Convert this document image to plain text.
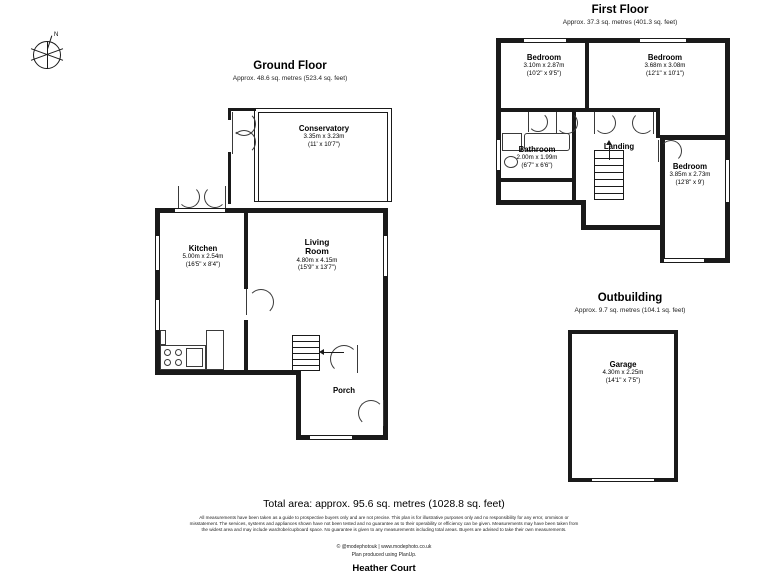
N
Ground Floor
Approx. 48.6 sq. metres (523.4 sq. feet)
Conservatory
3.35m x 3.23m
(11' x 10'7")
Kitchen
5.00m x 2.54m
(16'5" x 8'4")
Living
Room
4.80m x 4.15m
(15'9" x 13'7")
Porch
First Floor
Approx. 37.3 sq. metres (401.3 sq. feet)
Bedroom
3.10m x 2.87m
(10'2" x 9'5")
Bedroom
3.68m x 3.08m
(12'1" x 10'1")
Bedroom
3.85m x 2.73m
(12'8" x 9')
Bathroom
2.00m x 1.99m
(6'7" x 6'6")
Landing
Outbuilding
Approx. 9.7 sq. metres (104.1 sq. feet)
Garage
4.30m x 2.25m
(14'1" x 7'5")
Total area: approx. 95.6 sq. metres (1028.8 sq. feet)
All measurements have been taken as a guide to prospective buyers only and are not precise. This plan is for illustrative purposes only and no responsibility for any error, ommison or
misstatement. The services, systems and appliances shown have not been tested and no guarantee as to their operability or efficiency can be given. Measurements may have been taken from
the widest area and may include wardrobe/cupboard space. No guarantee is given to any measurements including total areas. Buyers are advised to take their own measurements.
© @modephotouk | www.modephoto.co.uk
Plan produced using PlanUp.
Heather Court
